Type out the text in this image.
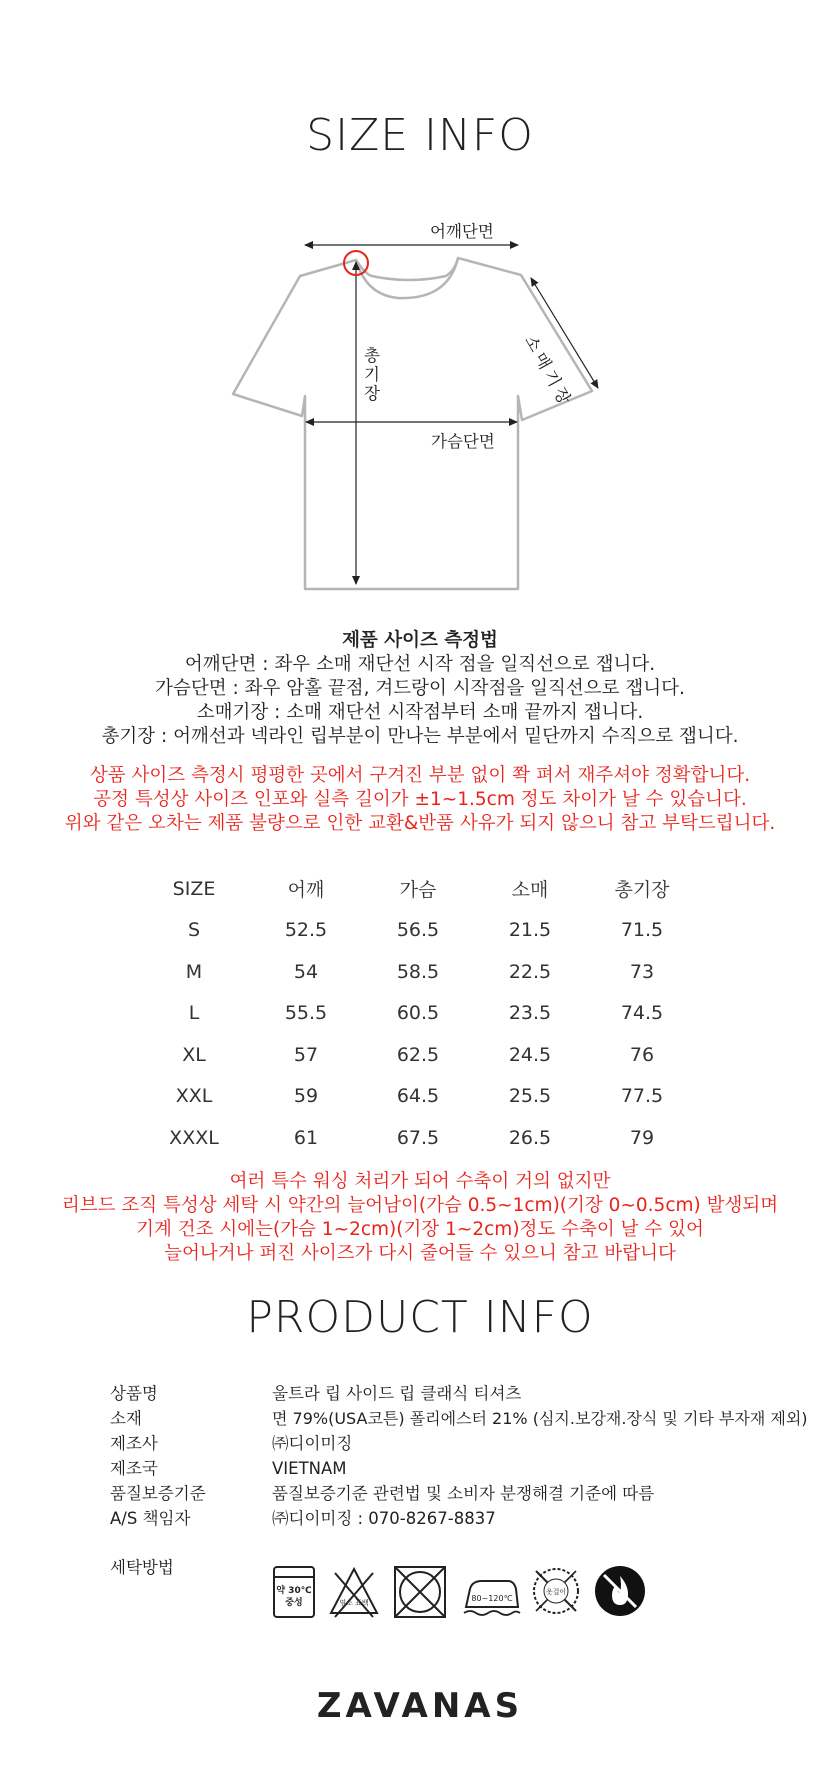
SIZE INFO
어깨단면
소매기장
총기장
가슴단면
제품 사이즈 측정법
어깨단면 : 좌우 소매 재단선 시작 점을 일직선으로 잽니다.
가슴단면 : 좌우 암홀 끝점, 겨드랑이 시작점을 일직선으로 잽니다.
소매기장 : 소매 재단선 시작점부터 소매 끝까지 잽니다.
총기장 : 어깨선과 넥라인 립부분이 만나는 부분에서 밑단까지 수직으로 잽니다.
상품 사이즈 측정시 평평한 곳에서 구겨진 부분 없이 쫙 펴서 재주셔야 정확합니다.
공정 특성상 사이즈 인포와 실측 길이가 ±1~1.5cm 정도 차이가 날 수 있습니다.
위와 같은 오차는 제품 불량으로 인한 교환&반품 사유가 되지 않으니 참고 부탁드립니다.
SIZE	어깨	가슴	소매	총기장
S	52.5	56.5	21.5	71.5
M	54	58.5	22.5	73
L	55.5	60.5	23.5	74.5
XL	57	62.5	24.5	76
XXL	59	64.5	25.5	77.5
XXXL	61	67.5	26.5	79
여러 특수 워싱 처리가 되어 수축이 거의 없지만
리브드 조직 특성상 세탁 시 약간의 늘어남이(가슴 0.5~1cm)(기장 0~0.5cm) 발생되며
기계 건조 시에는(가슴 1~2cm)(기장 1~2cm)정도 수축이 날 수 있어
늘어나거나 퍼진 사이즈가 다시 줄어들 수 있으니 참고 바랍니다
PRODUCT INFO
상품명	울트라 립 사이드 립 클래식 티셔츠
소재	면 79%(USA코튼) 폴리에스터 21% (심지.보강재.장식 및 기타 부자재 제외)
제조사	㈜디이미징
제조국	VIETNAM
품질보증기준	품질보증기준 관련법 및 소비자 분쟁해결 기준에 따름
A/S 책임자	㈜디이미징 : 070-8267-8837
세탁방법
약 30℃
중성	염소 표백	80~120℃
옷걸이
ZAVANAS
